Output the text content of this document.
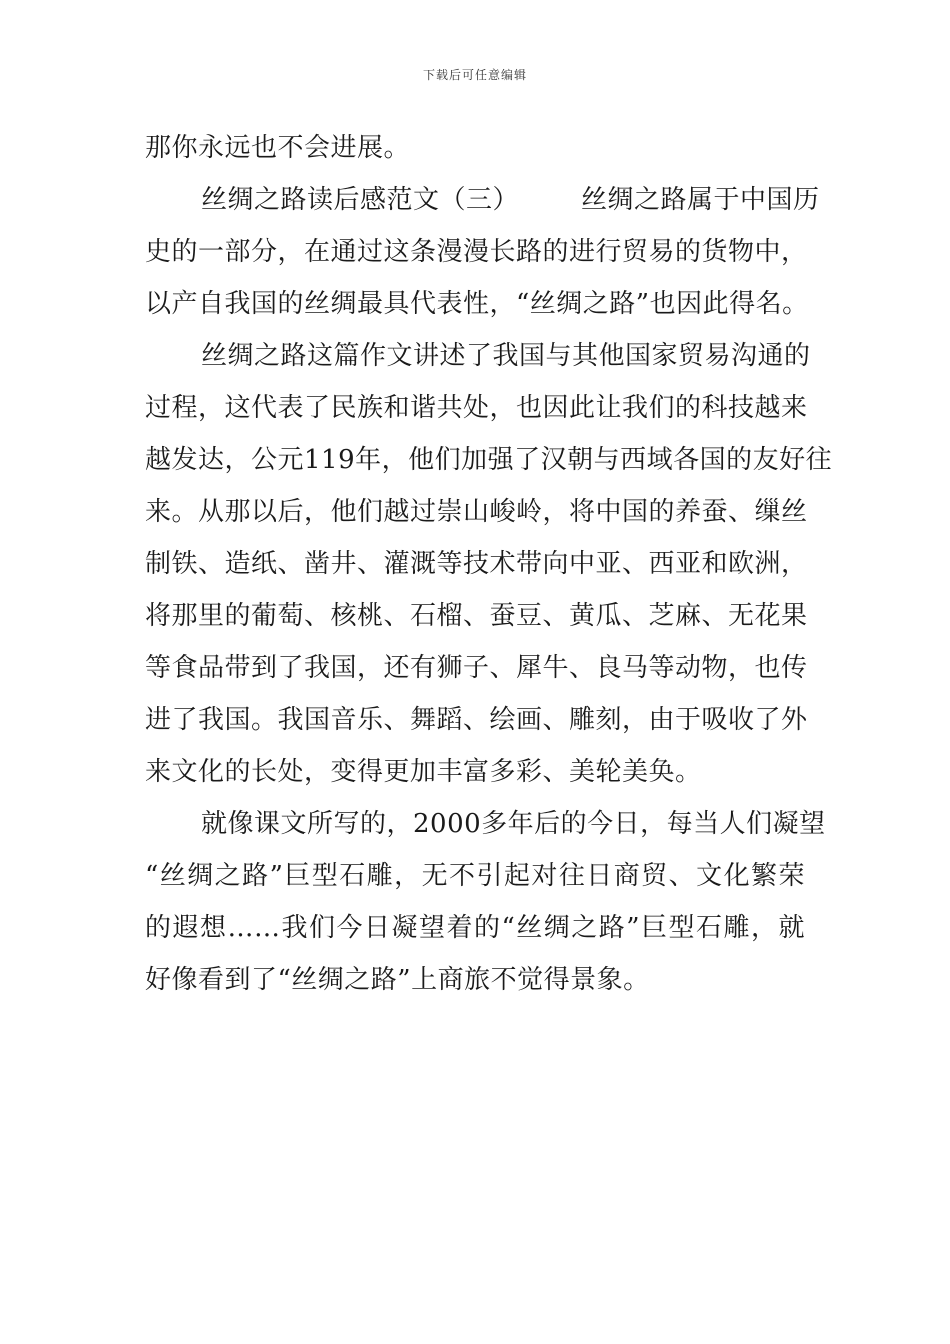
下载后可任意编辑
那你永远也不会进展。
丝绸之路读后感范文（三） 丝绸之路属于中国历
史的一部分，在通过这条漫漫长路的进行贸易的货物中，
以产自我国的丝绸最具代表性，“丝绸之路”也因此得名。
丝绸之路这篇作文讲述了我国与其他国家贸易沟通的
过程，这代表了民族和谐共处，也因此让我们的科技越来
越发达，公元119年，他们加强了汉朝与西域各国的友好往
来。从那以后，他们越过崇山峻岭，将中国的养蚕、缫丝
制铁、造纸、凿井、灌溉等技术带向中亚、西亚和欧洲，
将那里的葡萄、核桃、石榴、蚕豆、黄瓜、芝麻、无花果
等食品带到了我国，还有狮子、犀牛、良马等动物，也传
进了我国。我国音乐、舞蹈、绘画、雕刻，由于吸收了外
来文化的长处，变得更加丰富多彩、美轮美奂。
就像课文所写的，2000多年后的今日，每当人们凝望
“丝绸之路”巨型石雕，无不引起对往日商贸、文化繁荣
的遐想……我们今日凝望着的“丝绸之路”巨型石雕，就
好像看到了“丝绸之路”上商旅不觉得景象。
